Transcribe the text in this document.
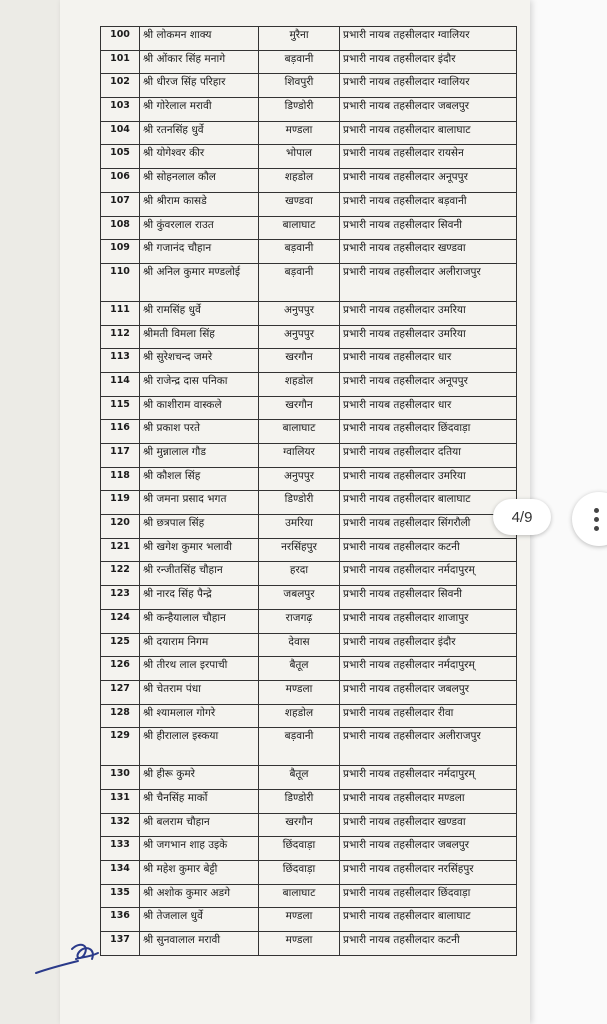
100	श्री लोकमन शाक्य	मुरैना	प्रभारी नायब तहसीलदार ग्वालियर
101	श्री ओंकार सिंह मनागे	बड़वानी	प्रभारी नायब तहसीलदार इंदौर
102	श्री धीरज सिंह परिहार	शिवपुरी	प्रभारी नायब तहसीलदार ग्वालियर
103	श्री गोरेलाल मरावी	डिण्डोरी	प्रभारी नायब तहसीलदार जबलपुर
104	श्री रतनसिंह धुर्वे	मण्डला	प्रभारी नायब तहसीलदार बालाघाट
105	श्री योगेश्वर कीर	भोपाल	प्रभारी नायब तहसीलदार रायसेन
106	श्री सोहनलाल कौल	शहडोल	प्रभारी नायब तहसीलदार अनूपपुर
107	श्री श्रीराम कासडे	खण्डवा	प्रभारी नायब तहसीलदार बड़वानी
108	श्री कुंवरलाल राउत	बालाघाट	प्रभारी नायब तहसीलदार सिवनी
109	श्री गजानंद चौहान	बड़वानी	प्रभारी नायब तहसीलदार खण्डवा
110	श्री अनिल कुमार मण्डलोई	बड़वानी	प्रभारी नायब तहसीलदार अलीराजपुर
111	श्री रामसिंह धुर्वे	अनुपपुर	प्रभारी नायब तहसीलदार उमरिया
112	श्रीमती विमला सिंह	अनुपपुर	प्रभारी नायब तहसीलदार उमरिया
113	श्री सुरेशचन्द जमरे	खरगौन	प्रभारी नायब तहसीलदार धार
114	श्री राजेन्द्र दास पनिका	शहडोल	प्रभारी नायब तहसीलदार अनूपपुर
115	श्री काशीराम वास्कले	खरगौन	प्रभारी नायब तहसीलदार धार
116	श्री प्रकाश परते	बालाघाट	प्रभारी नायब तहसीलदार छिंदवाड़ा
117	श्री मुन्नालाल गौड	ग्वालियर	प्रभारी नायब तहसीलदार दतिया
118	श्री कौशल सिंह	अनुपपुर	प्रभारी नायब तहसीलदार उमरिया
119	श्री जमना प्रसाद भगत	डिण्डोरी	प्रभारी नायब तहसीलदार बालाघाट
120	श्री छत्रपाल सिंह	उमरिया	प्रभारी नायब तहसीलदार सिंगरौली
121	श्री खगेश कुमार भलावी	नरसिंहपुर	प्रभारी नायब तहसीलदार कटनी
122	श्री रन्जीतसिंह चौहान	हरदा	प्रभारी नायब तहसीलदार नर्मदापुरम्
123	श्री नारद सिंह पैन्द्रे	जबलपुर	प्रभारी नायब तहसीलदार सिवनी
124	श्री कन्हैयालाल चौहान	राजगढ़	प्रभारी नायब तहसीलदार शाजापुर
125	श्री दयाराम निगम	देवास	प्रभारी नायब तहसीलदार इंदौर
126	श्री तीरथ लाल इरपाची	बैतूल	प्रभारी नायब तहसीलदार नर्मदापुरम्
127	श्री चेतराम पंधा	मण्डला	प्रभारी नायब तहसीलदार जबलपुर
128	श्री श्यामलाल गोगरे	शहडोल	प्रभारी नायब तहसीलदार रीवा
129	श्री हीरालाल इस्कया	बड़वानी	प्रभारी नायब तहसीलदार अलीराजपुर
130	श्री हीरू कुमरे	बैतूल	प्रभारी नायब तहसीलदार नर्मदापुरम्
131	श्री चैनसिंह मार्को	डिण्डोरी	प्रभारी नायब तहसीलदार मण्डला
132	श्री बलराम चौहान	खरगौन	प्रभारी नायब तहसीलदार खण्डवा
133	श्री जगभान शाह उइके	छिंदवाड़ा	प्रभारी नायब तहसीलदार जबलपुर
134	श्री महेश कुमार बेट्टी	छिंदवाड़ा	प्रभारी नायब तहसीलदार नरसिंहपुर
135	श्री अशोक कुमार अडगे	बालाघाट	प्रभारी नायब तहसीलदार छिंदवाड़ा
136	श्री तेजलाल धुर्वे	मण्डला	प्रभारी नायब तहसीलदार बालाघाट
137	श्री सुनवालाल मरावी	मण्डला	प्रभारी नायब तहसीलदार कटनी
4/9
